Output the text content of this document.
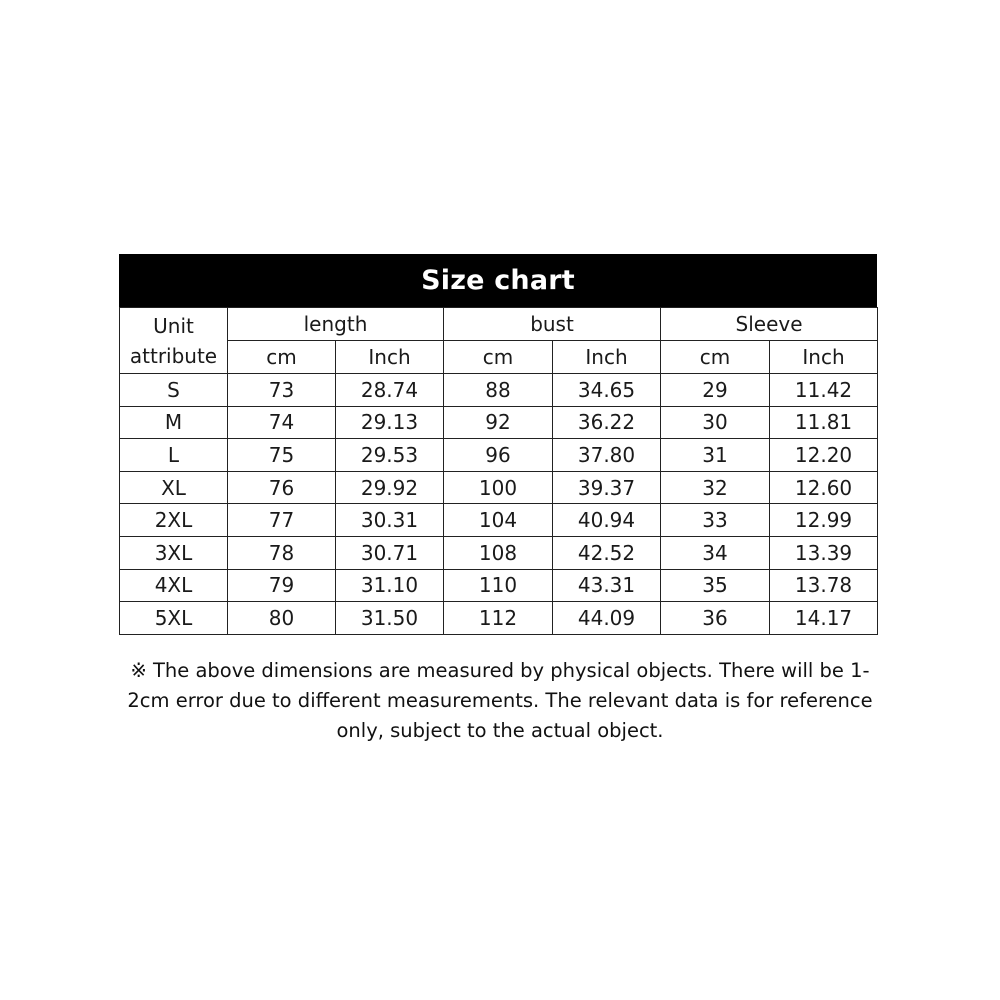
Size chart
Unit
attribute	length		bust		Sleeve	
	cm	Inch	cm	Inch	cm	Inch
S	73	28.74	88	34.65	29	11.42
M	74	29.13	92	36.22	30	11.81
L	75	29.53	96	37.80	31	12.20
XL	76	29.92	100	39.37	32	12.60
2XL	77	30.31	104	40.94	33	12.99
3XL	78	30.71	108	42.52	34	13.39
4XL	79	31.10	110	43.31	35	13.78
5XL	80	31.50	112	44.09	36	14.17
※ The above dimensions are measured by physical objects. There will be 1-2cm error due to different measurements. The relevant data is for reference only, subject to the actual object.
